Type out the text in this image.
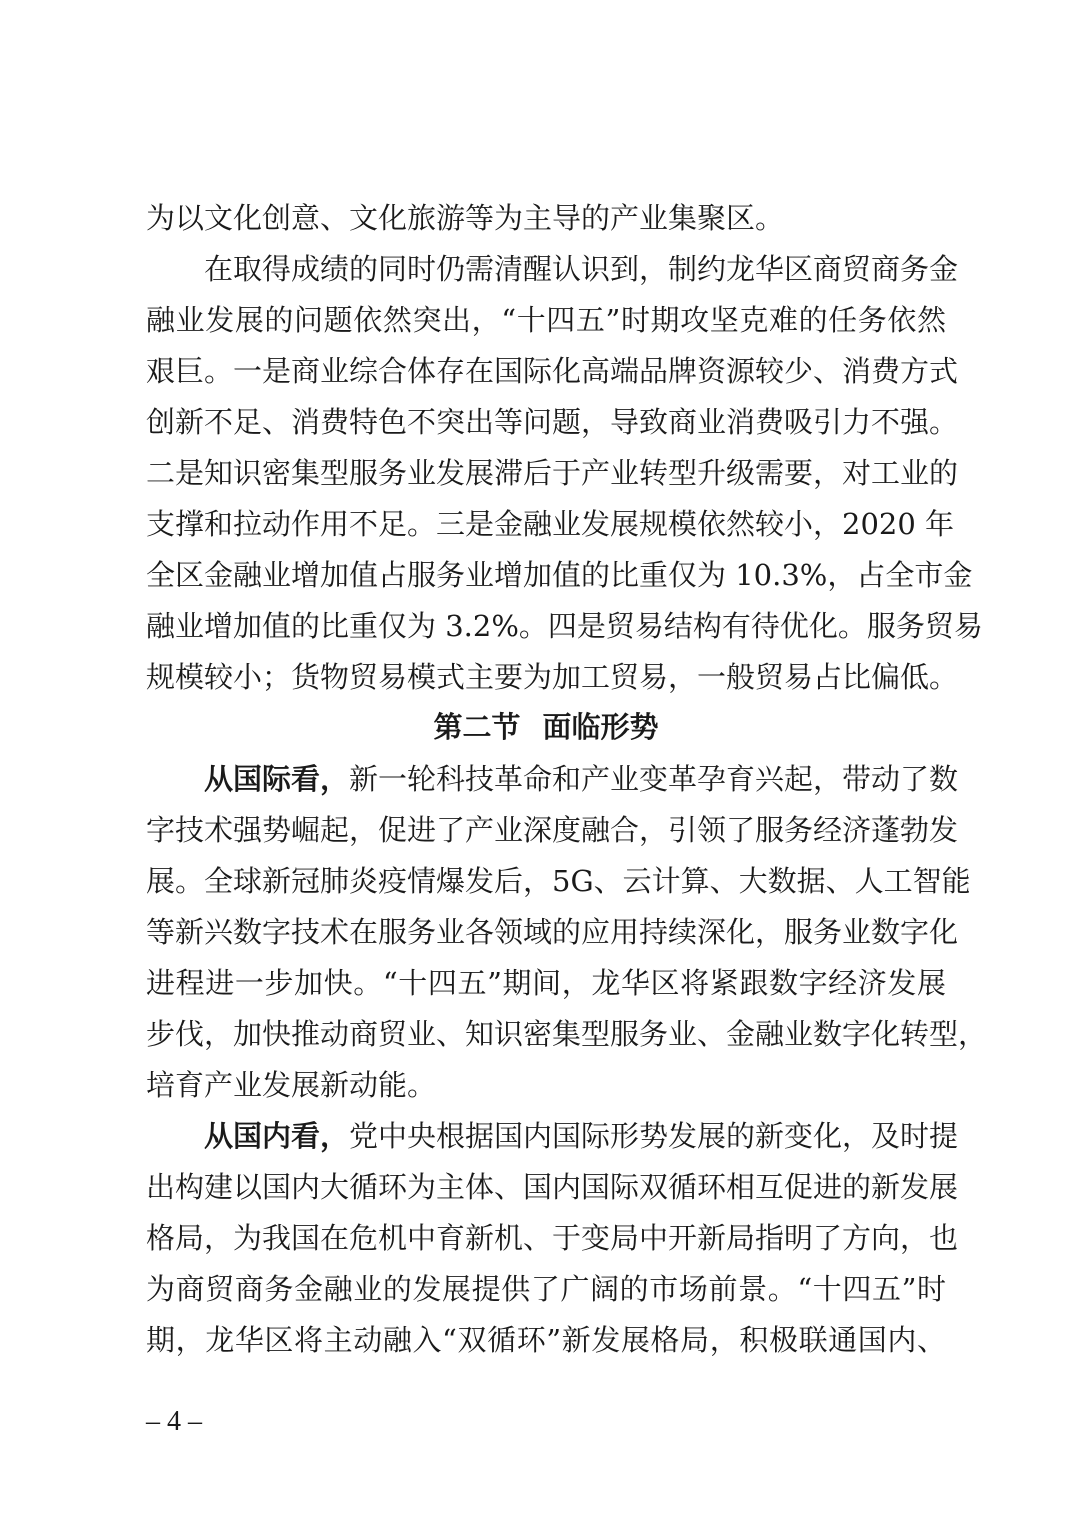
为以文化创意、文化旅游等为主导的产业集聚区。
在取得成绩的同时仍需清醒认识到，制约龙华区商贸商务金
融业发展的问题依然突出，“十四五”时期攻坚克难的任务依然
艰巨。一是商业综合体存在国际化高端品牌资源较少、消费方式
创新不足、消费特色不突出等问题，导致商业消费吸引力不强。
二是知识密集型服务业发展滞后于产业转型升级需要，对工业的
支撑和拉动作用不足。三是金融业发展规模依然较小，2020 年
全区金融业增加值占服务业增加值的比重仅为 10.3%，占全市金
融业增加值的比重仅为 3.2%。四是贸易结构有待优化。服务贸易
规模较小；货物贸易模式主要为加工贸易，一般贸易占比偏低。
第二节 面临形势
从国际看，新一轮科技革命和产业变革孕育兴起，带动了数
字技术强势崛起，促进了产业深度融合，引领了服务经济蓬勃发
展。全球新冠肺炎疫情爆发后，5G、云计算、大数据、人工智能
等新兴数字技术在服务业各领域的应用持续深化，服务业数字化
进程进一步加快。“十四五”期间，龙华区将紧跟数字经济发展
步伐，加快推动商贸业、知识密集型服务业、金融业数字化转型，
培育产业发展新动能。
从国内看，党中央根据国内国际形势发展的新变化，及时提
出构建以国内大循环为主体、国内国际双循环相互促进的新发展
格局，为我国在危机中育新机、于变局中开新局指明了方向，也
为商贸商务金融业的发展提供了广阔的市场前景。“十四五”时
期，龙华区将主动融入“双循环”新发展格局，积极联通国内、
– 4 –
